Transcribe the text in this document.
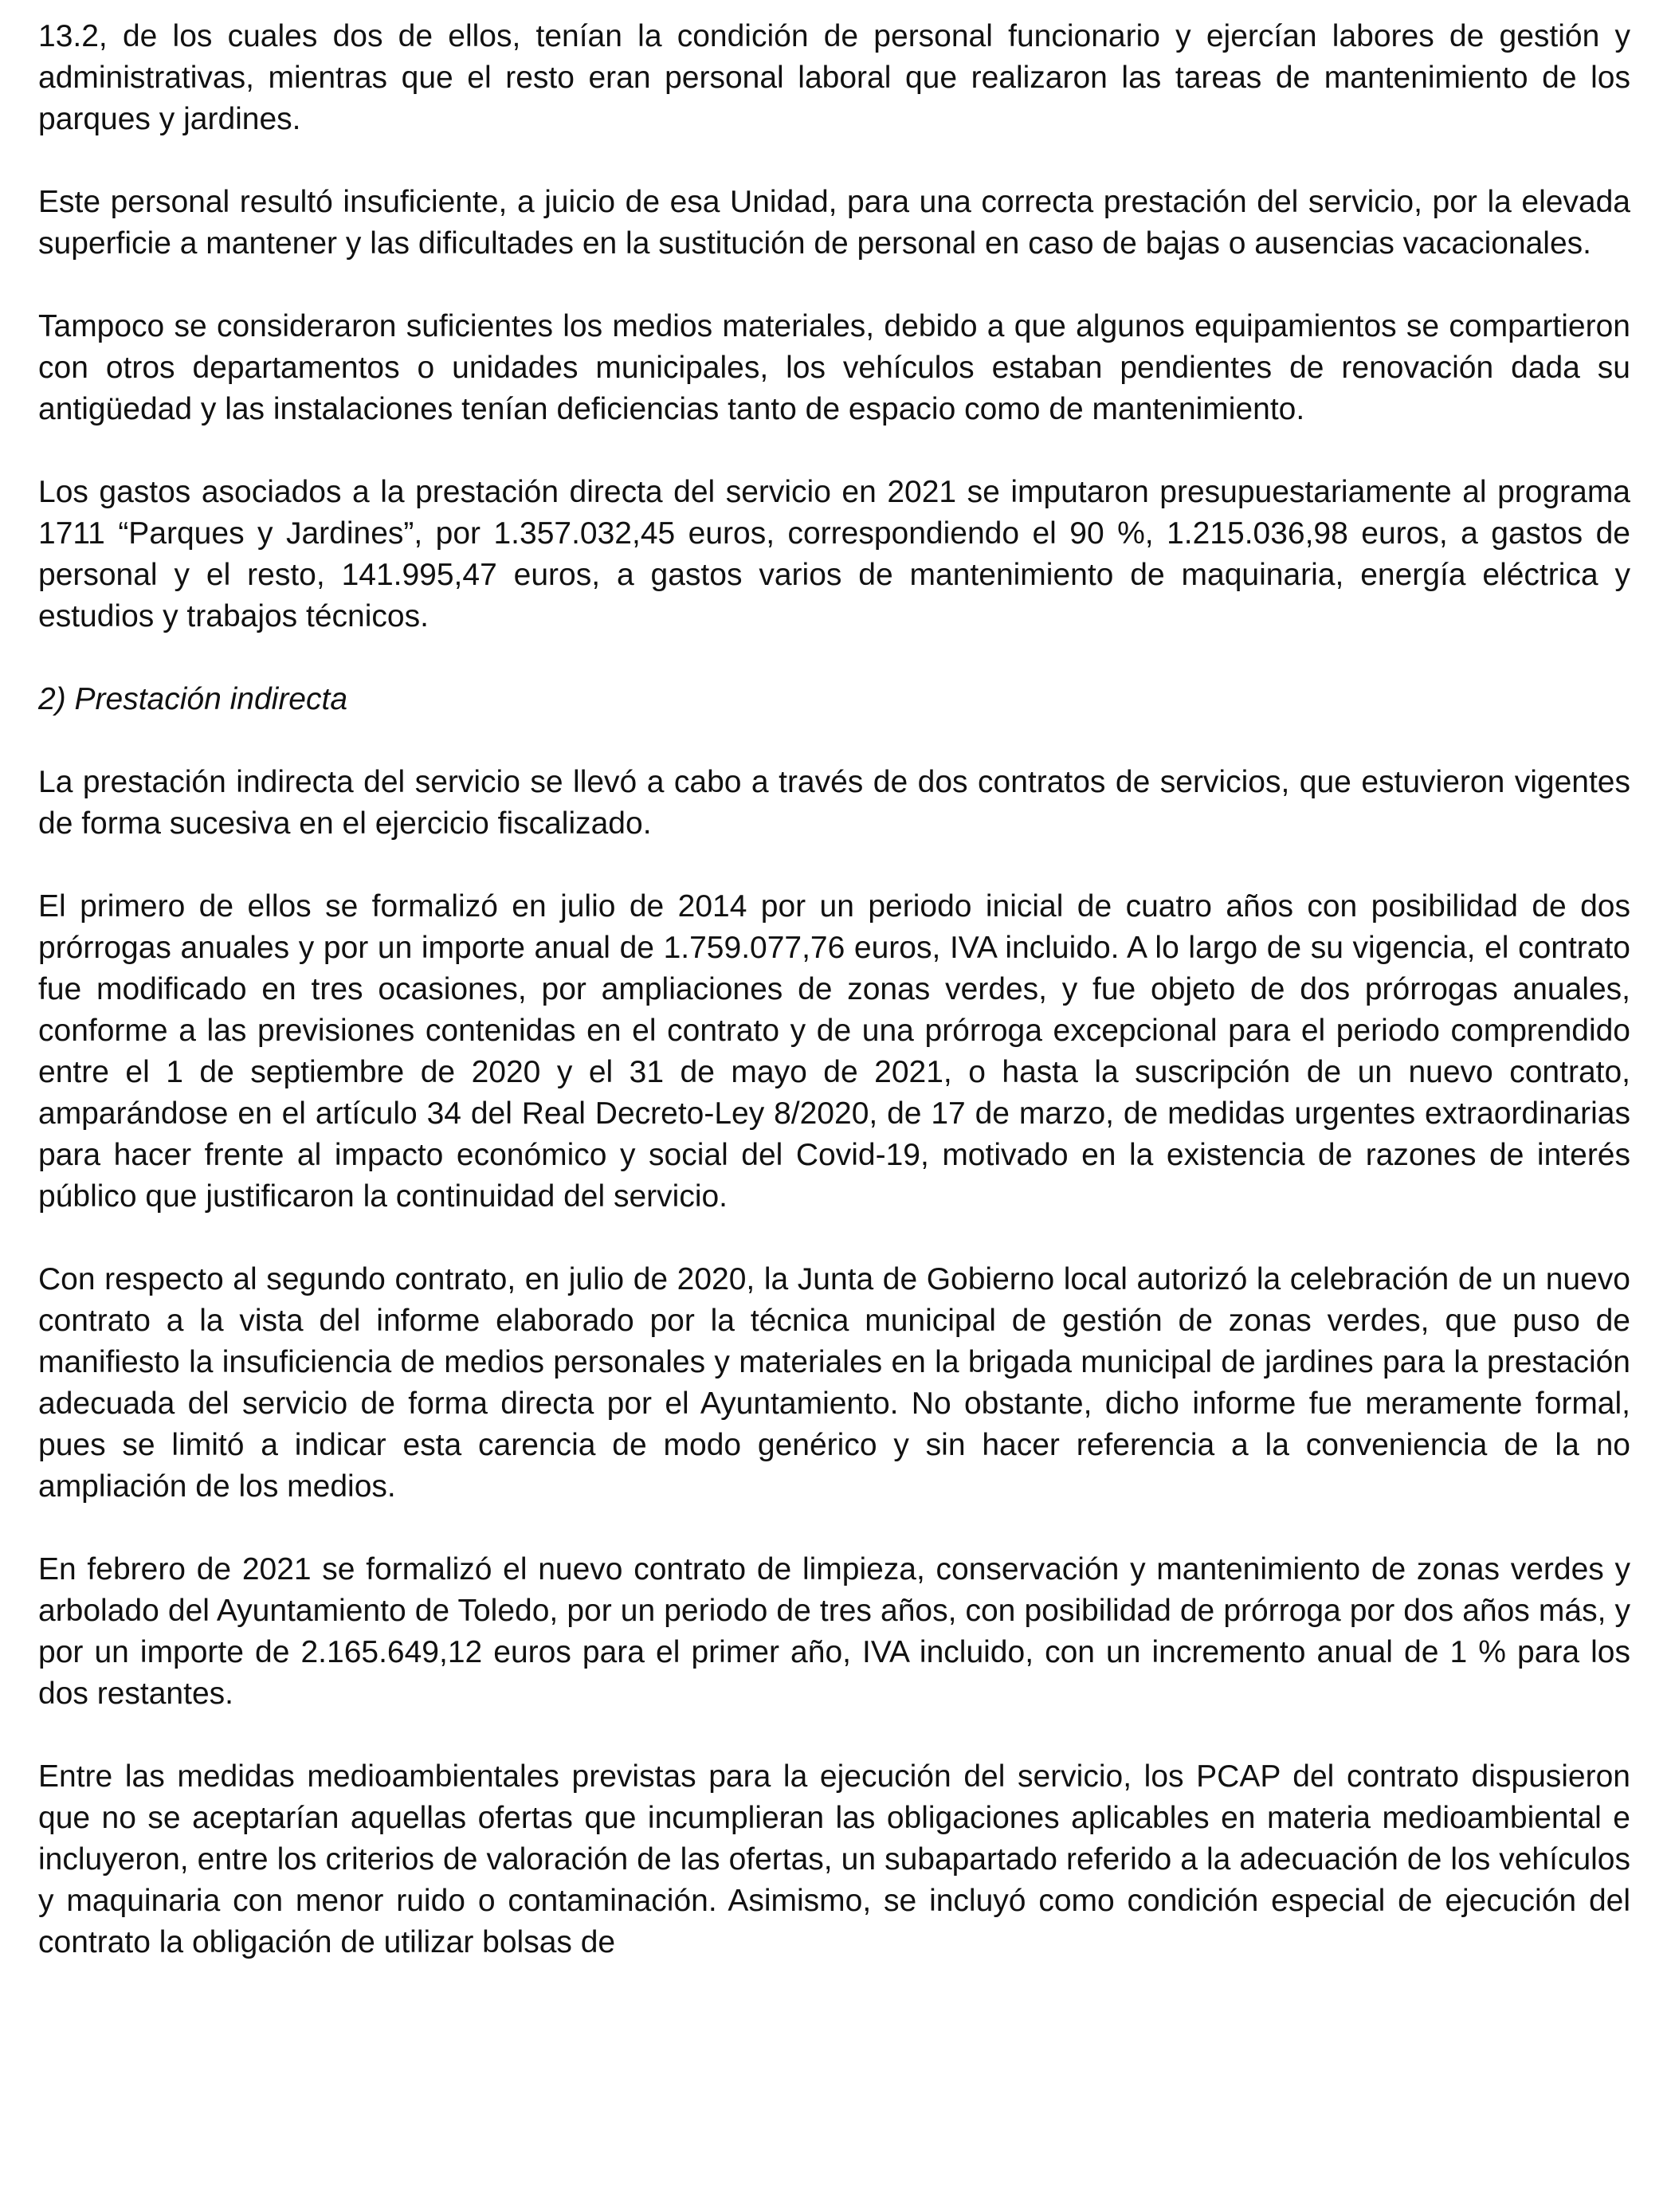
13.2, de los cuales dos de ellos, tenían la condición de personal funcionario y ejercían labores de gestión y administrativas, mientras que el resto eran personal laboral que realizaron las tareas de mantenimiento de los parques y jardines.

Este personal resultó insuficiente, a juicio de esa Unidad, para una correcta prestación del servicio, por la elevada superficie a mantener y las dificultades en la sustitución de personal en caso de bajas o ausencias vacacionales.

Tampoco se consideraron suficientes los medios materiales, debido a que algunos equipamientos se compartieron con otros departamentos o unidades municipales, los vehículos estaban pendientes de renovación dada su antigüedad y las instalaciones tenían deficiencias tanto de espacio como de mantenimiento.

Los gastos asociados a la prestación directa del servicio en 2021 se imputaron presupuestariamente al programa 1711 “Parques y Jardines”, por 1.357.032,45 euros, correspondiendo el 90 %, 1.215.036,98 euros, a gastos de personal y el resto, 141.995,47 euros, a gastos varios de mantenimiento de maquinaria, energía eléctrica y estudios y trabajos técnicos.

2) Prestación indirecta

La prestación indirecta del servicio se llevó a cabo a través de dos contratos de servicios, que estuvieron vigentes de forma sucesiva en el ejercicio fiscalizado.

El primero de ellos se formalizó en julio de 2014 por un periodo inicial de cuatro años con posibilidad de dos prórrogas anuales y por un importe anual de 1.759.077,76 euros, IVA incluido. A lo largo de su vigencia, el contrato fue modificado en tres ocasiones, por ampliaciones de zonas verdes, y fue objeto de dos prórrogas anuales, conforme a las previsiones contenidas en el contrato y de una prórroga excepcional para el periodo comprendido entre el 1 de septiembre de 2020 y el 31 de mayo de 2021, o hasta la suscripción de un nuevo contrato, amparándose en el artículo 34 del Real Decreto-Ley 8/2020, de 17 de marzo, de medidas urgentes extraordinarias para hacer frente al impacto económico y social del Covid-19, motivado en la existencia de razones de interés público que justificaron la continuidad del servicio.

Con respecto al segundo contrato, en julio de 2020, la Junta de Gobierno local autorizó la celebración de un nuevo contrato a la vista del informe elaborado por la técnica municipal de gestión de zonas verdes, que puso de manifiesto la insuficiencia de medios personales y materiales en la brigada municipal de jardines para la prestación adecuada del servicio de forma directa por el Ayuntamiento. No obstante, dicho informe fue meramente formal, pues se limitó a indicar esta carencia de modo genérico y sin hacer referencia a la conveniencia de la no ampliación de los medios.

En febrero de 2021 se formalizó el nuevo contrato de limpieza, conservación y mantenimiento de zonas verdes y arbolado del Ayuntamiento de Toledo, por un periodo de tres años, con posibilidad de prórroga por dos años más, y por un importe de 2.165.649,12 euros para el primer año, IVA incluido, con un incremento anual de 1 % para los dos restantes.

Entre las medidas medioambientales previstas para la ejecución del servicio, los PCAP del contrato dispusieron que no se aceptarían aquellas ofertas que incumplieran las obligaciones aplicables en materia medioambiental e incluyeron, entre los criterios de valoración de las ofertas, un subapartado referido a la adecuación de los vehículos y maquinaria con menor ruido o contaminación. Asimismo, se incluyó como condición especial de ejecución del contrato la obligación de utilizar bolsas de
